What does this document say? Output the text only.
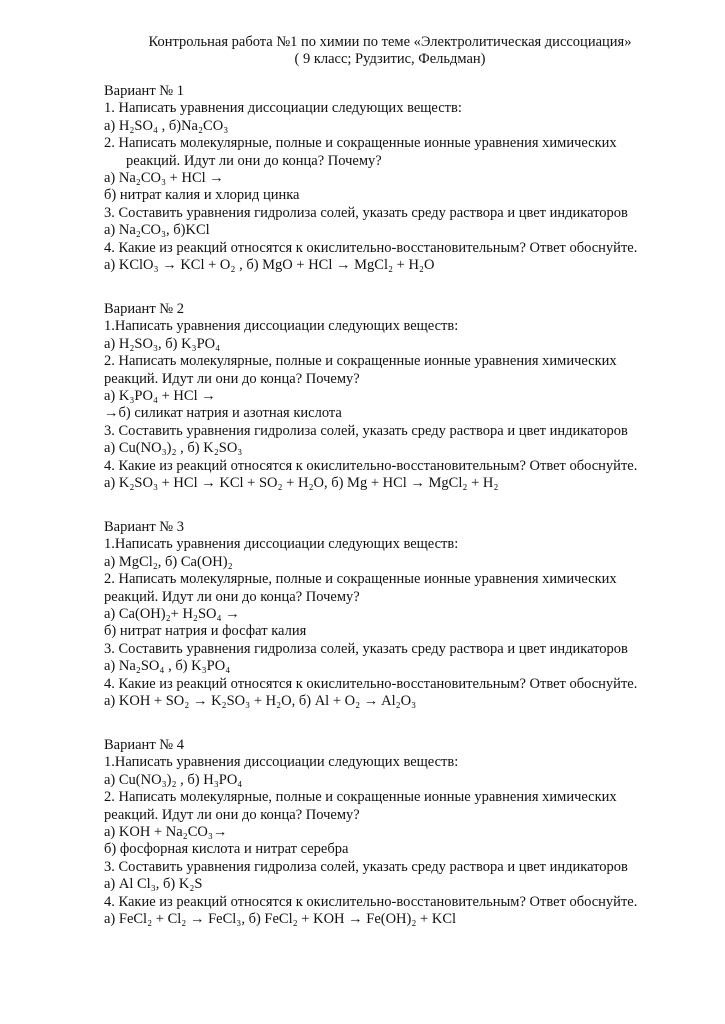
Контрольная работа №1 по химии по теме «Электролитическая диссоциация»
( 9 класс; Рудзитис, Фельдман)
Вариант № 1
1. Написать уравнения диссоциации следующих веществ:
а) H₂SO₄ , б)Na₂CO₃
2. Написать молекулярные, полные и сокращенные ионные уравнения химических
реакций. Идут ли они до конца? Почему?
а) Na₂CO₃ + HCl →
б) нитрат калия и хлорид цинка
3. Составить уравнения гидролиза солей, указать среду раствора и цвет индикаторов
а) Na₂CO₃, б)KCl
4. Какие из реакций относятся к окислительно-восстановительным? Ответ обоснуйте.
а) KClO₃ → KCl + O₂ , б) MgO + HCl → MgCl₂ + H₂O
Вариант № 2
1.Написать уравнения диссоциации следующих веществ:
а) H₂SO₃, б) K₃PO₄
2. Написать молекулярные, полные и сокращенные ионные уравнения химических
реакций. Идут ли они до конца? Почему?
а) K₃PO₄ + HCl →
→б) силикат натрия и азотная кислота
3. Составить уравнения гидролиза солей, указать среду раствора и цвет индикаторов
а) Cu(NO₃)₂ , б) K₂SO₃
4. Какие из реакций относятся к окислительно-восстановительным? Ответ обоснуйте.
а) K₂SO₃ + HCl → KCl + SO₂ + H₂O, б) Mg + HCl → MgCl₂ + H₂
Вариант № 3
1.Написать уравнения диссоциации следующих веществ:
а) MgCl₂, б) Ca(OH)₂
2. Написать молекулярные, полные и сокращенные ионные уравнения химических
реакций. Идут ли они до конца? Почему?
а) Ca(OH)₂+ H₂SO₄ →
б) нитрат натрия и фосфат калия
3. Составить уравнения гидролиза солей, указать среду раствора и цвет индикаторов
а) Na₂SO₄ , б) K₃PO₄
4. Какие из реакций относятся к окислительно-восстановительным? Ответ обоснуйте.
а) KOH + SO₂ → K₂SO₃ + H₂O, б) Al + O₂ → Al₂O₃
Вариант № 4
1.Написать уравнения диссоциации следующих веществ:
а) Cu(NO₃)₂ , б) H₃PO₄
2. Написать молекулярные, полные и сокращенные ионные уравнения химических
реакций. Идут ли они до конца? Почему?
а) KOH + Na₂CO₃→
б) фосфорная кислота и нитрат серебра
3. Составить уравнения гидролиза солей, указать среду раствора и цвет индикаторов
а) Al Cl₃, б) K₂S
4. Какие из реакций относятся к окислительно-восстановительным? Ответ обоснуйте.
а) FeCl₂ + Cl₂ → FeCl₃, б) FeCl₂ + KOH → Fe(OH)₂ + KCl
